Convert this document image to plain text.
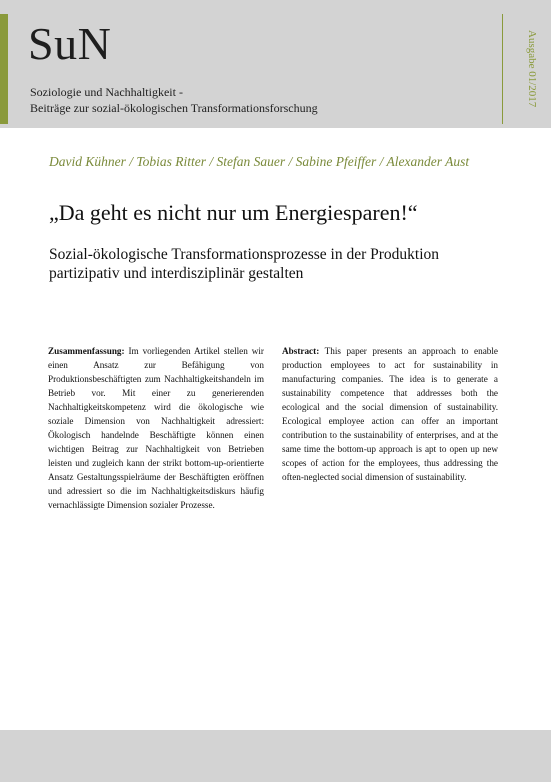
SuN
Soziologie und Nachhaltigkeit -
Beiträge zur sozial-ökologischen Transformationsforschung
Ausgabe 01/2017
David Kühner / Tobias Ritter / Stefan Sauer / Sabine Pfeiffer / Alexander Aust
„Da geht es nicht nur um Energiesparen!“
Sozial-ökologische Transformationsprozesse in der Produktion
partizipativ und interdisziplinär gestalten
Zusammenfassung: Im vorliegenden Artikel stellen wir einen Ansatz zur Befähigung von Produktionsbeschäftigten zum Nachhaltigkeitshandeln im Betrieb vor. Mit einer zu generierenden Nachhaltigkeitskompetenz wird die ökologische wie soziale Dimension von Nachhaltigkeit adressiert: Ökologisch handelnde Beschäftigte können einen wichtigen Beitrag zur Nachhaltigkeit von Betrieben leisten und zugleich kann der strikt bottom-up-orientierte Ansatz Gestaltungsspielräume der Beschäftigten eröffnen und adressiert so die im Nachhaltigkeitsdiskurs häufig vernachlässigte Dimension sozialer Prozesse.
Abstract: This paper presents an approach to enable production employees to act for sustainability in manufacturing companies. The idea is to generate a sustainability competence that addresses both the ecological and the social dimension of sustainability. Ecological employee action can offer an important contribution to the sustainability of enterprises, and at the same time the bottom-up approach is apt to open up new scopes of action for the employees, thus addressing the often-neglected social dimension of sustainability.
